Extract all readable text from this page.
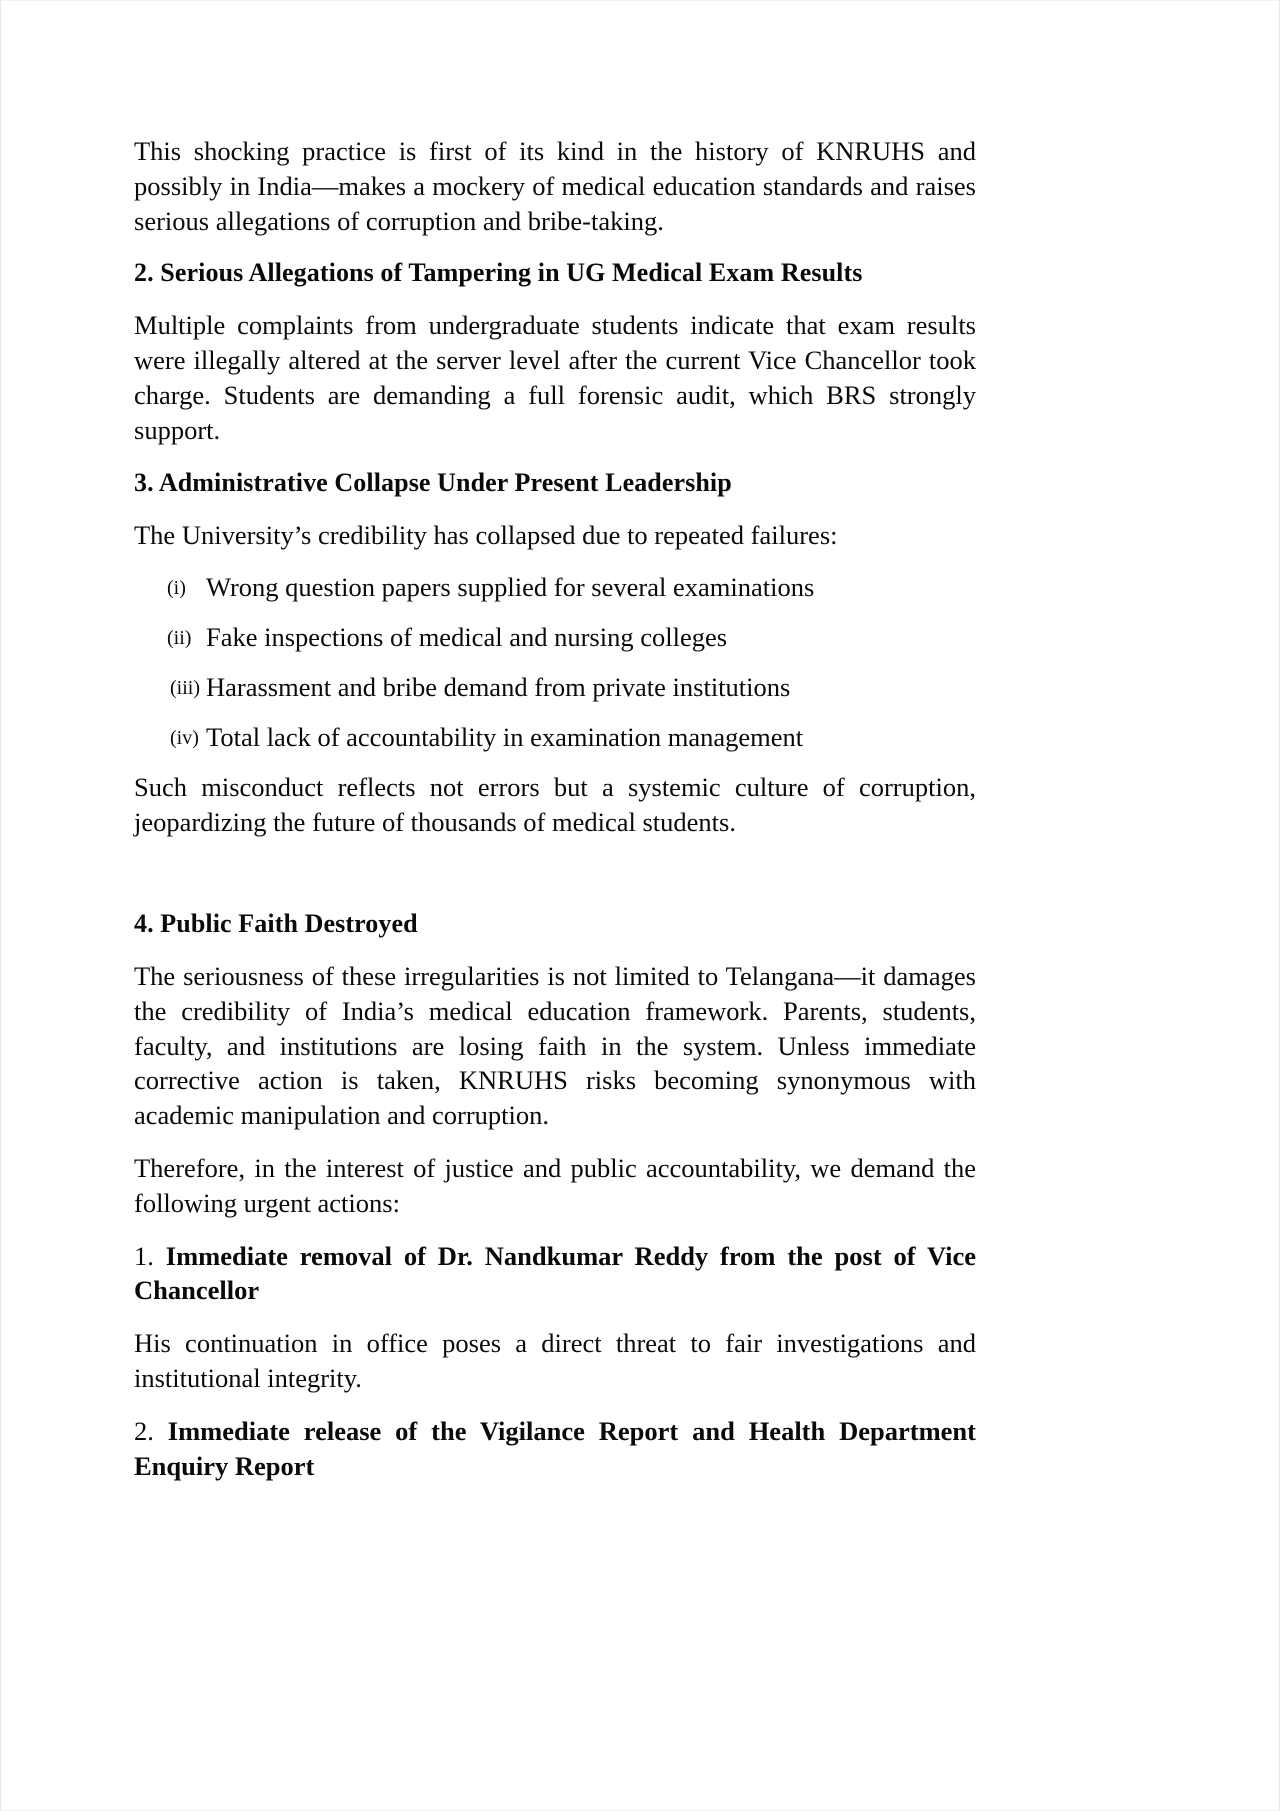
This shocking practice is first of its kind in the history of KNRUHS and possibly in India—makes a mockery of medical education standards and raises serious allegations of corruption and bribe-taking.

2. Serious Allegations of Tampering in UG Medical Exam Results

Multiple complaints from undergraduate students indicate that exam results were illegally altered at the server level after the current Vice Chancellor took charge. Students are demanding a full forensic audit, which BRS strongly support.

3. Administrative Collapse Under Present Leadership

The University’s credibility has collapsed due to repeated failures:

(i) Wrong question papers supplied for several examinations
(ii) Fake inspections of medical and nursing colleges
(iii) Harassment and bribe demand from private institutions
(iv) Total lack of accountability in examination management

Such misconduct reflects not errors but a systemic culture of corruption, jeopardizing the future of thousands of medical students.

4. Public Faith Destroyed

The seriousness of these irregularities is not limited to Telangana—it damages the credibility of India’s medical education framework. Parents, students, faculty, and institutions are losing faith in the system. Unless immediate corrective action is taken, KNRUHS risks becoming synonymous with academic manipulation and corruption.

Therefore, in the interest of justice and public accountability, we demand the following urgent actions:

1. Immediate removal of Dr. Nandkumar Reddy from the post of Vice Chancellor

His continuation in office poses a direct threat to fair investigations and institutional integrity.

2. Immediate release of the Vigilance Report and Health Department Enquiry Report
